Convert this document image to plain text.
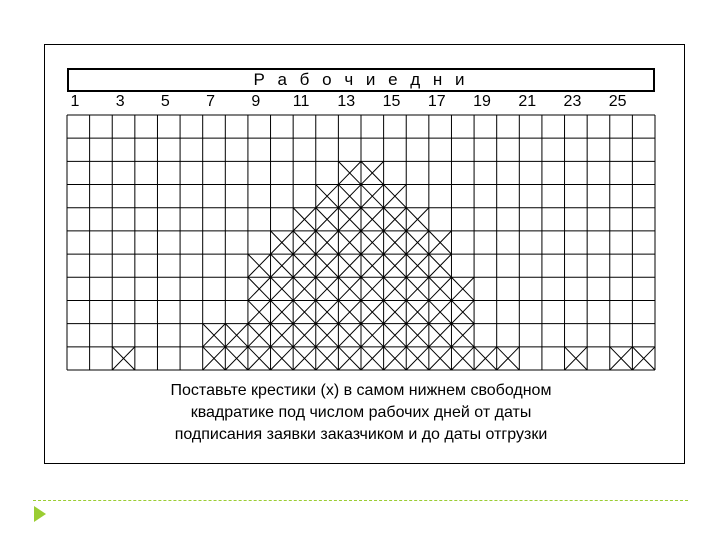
Р а б о ч и е д н и
1 3 5 7 9 11 13 15 17 19 21 23 25
Поставьте крестики (х) в самом нижнем свободном
квадратике под числом рабочих дней от даты
подписания заявки заказчиком и до даты отгрузки
